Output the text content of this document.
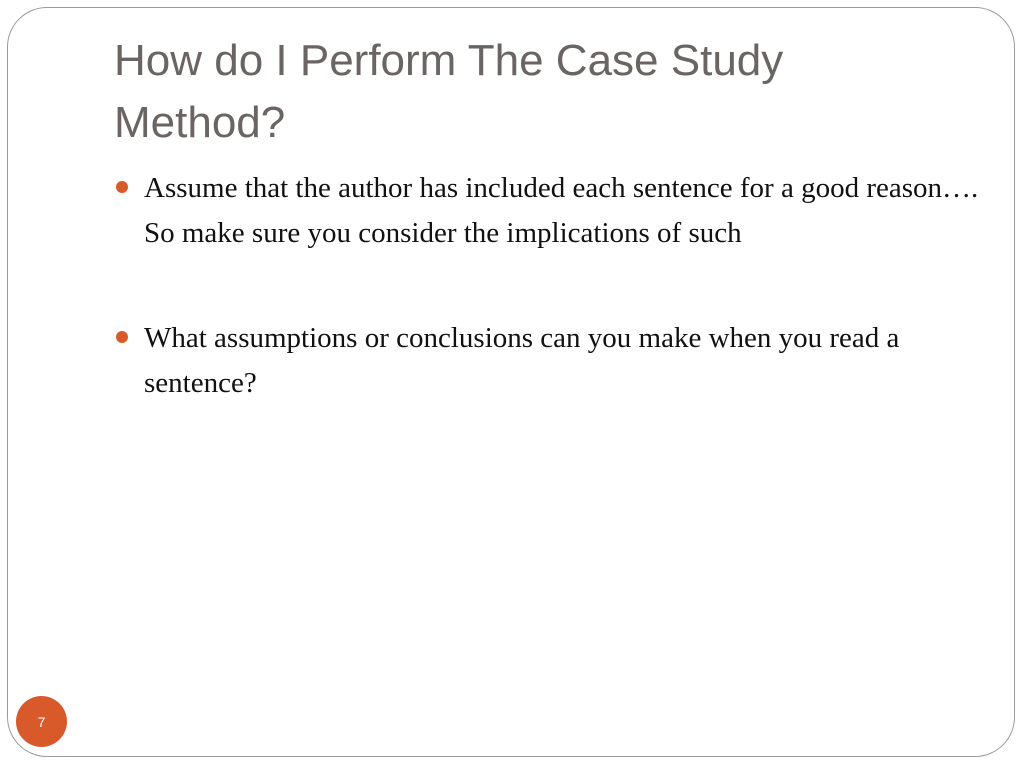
How do I Perform The Case Study Method?
Assume that the author has included each sentence for a good reason…. So make sure you consider the implications of such
What assumptions or conclusions can you make when you read a sentence?
7
